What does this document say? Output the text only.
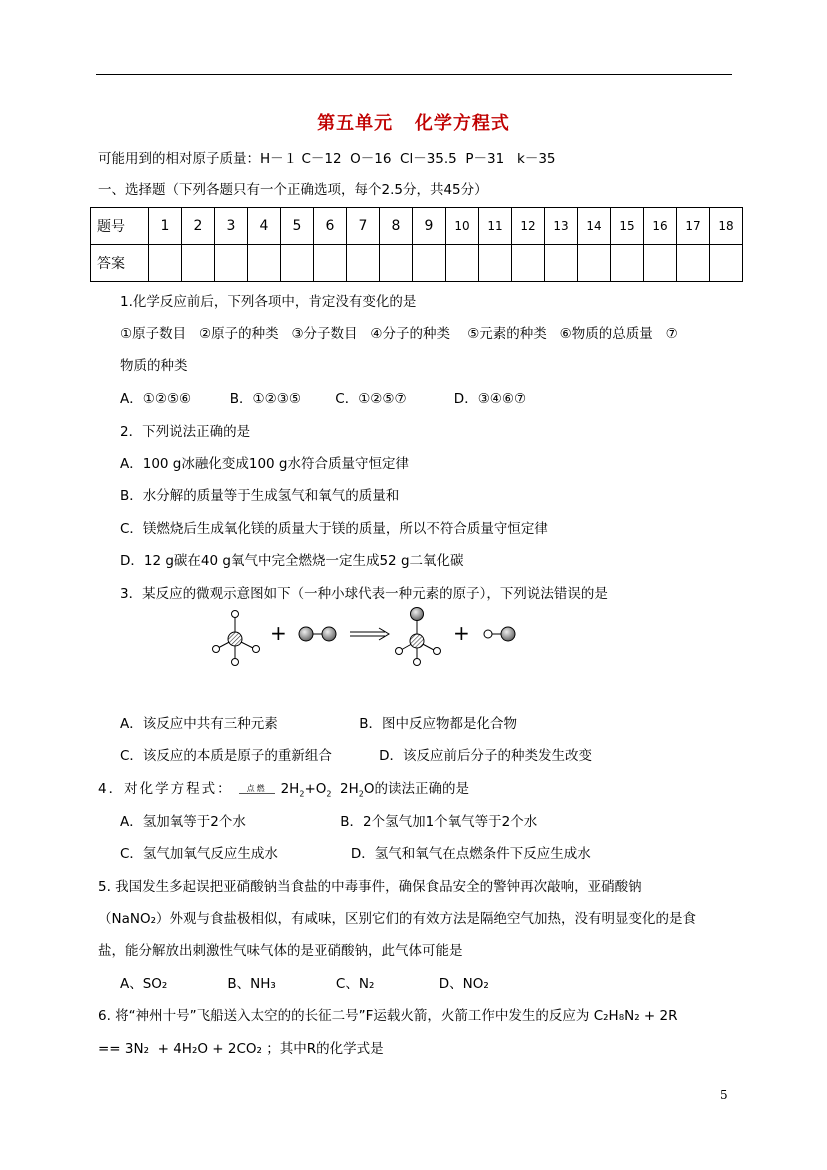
第五单元   化学方程式
可能用到的相对原子质量：H－１ C－12  O－16  Cl－35.5  P－31   k－35
一、选择题（下列各题只有一个正确选项，每个2.5分，共45分）
题号	1	2	3	4	5	6	7	8	9	10	11	12	13	14	15	16	17	18
答案																		
1.化学反应前后，下列各项中，肯定没有变化的是
①原子数目   ②原子的种类   ③分子数目   ④分子的种类    ⑤元素的种类   ⑥物质的总质量   ⑦
物质的种类
A．①②⑤⑥         B．①②③⑤        C．①②⑤⑦           D．③④⑥⑦
2．下列说法正确的是
A．100 g冰融化变成100 g水符合质量守恒定律
B．水分解的质量等于生成氢气和氧气的质量和
C．镁燃烧后生成氧化镁的质量大于镁的质量，所以不符合质量守恒定律
D．12 g碳在40 g氧气中完全燃烧一定生成52 g二氧化碳
3．某反应的微观示意图如下（一种小球代表一种元素的原子），下列说法错误的是
+	+
A．该反应中共有三种元素                   B．图中反应物都是化合物
C．该反应的本质是原子的重新组合           D．该反应前后分子的种类发生改变
4．对化学方程式： 点燃 $2H_2+O_2$  $2H_2O$的读法正确的是
A．氢加氧等于2个水                      B．2个氢气加1个氧气等于2个水
C．氢气加氧气反应生成水                 D．氢气和氧气在点燃条件下反应生成水
5. 我国发生多起误把亚硝酸钠当食盐的中毒事件，确保食品安全的警钟再次敲响，亚硝酸钠
（NaNO₂）外观与食盐极相似，有咸味，区别它们的有效方法是隔绝空气加热，没有明显变化的是食
盐，能分解放出刺激性气味气体的是亚硝酸钠，此气体可能是
A、SO₂              B、NH₃              C、N₂               D、NO₂
6. 将“神州十号”飞船送入太空的的长征二号”F运载火箭，火箭工作中发生的反应为 C₂H₈N₂ + 2R
== 3N₂  + 4H₂O + 2CO₂ ；其中R的化学式是
5
